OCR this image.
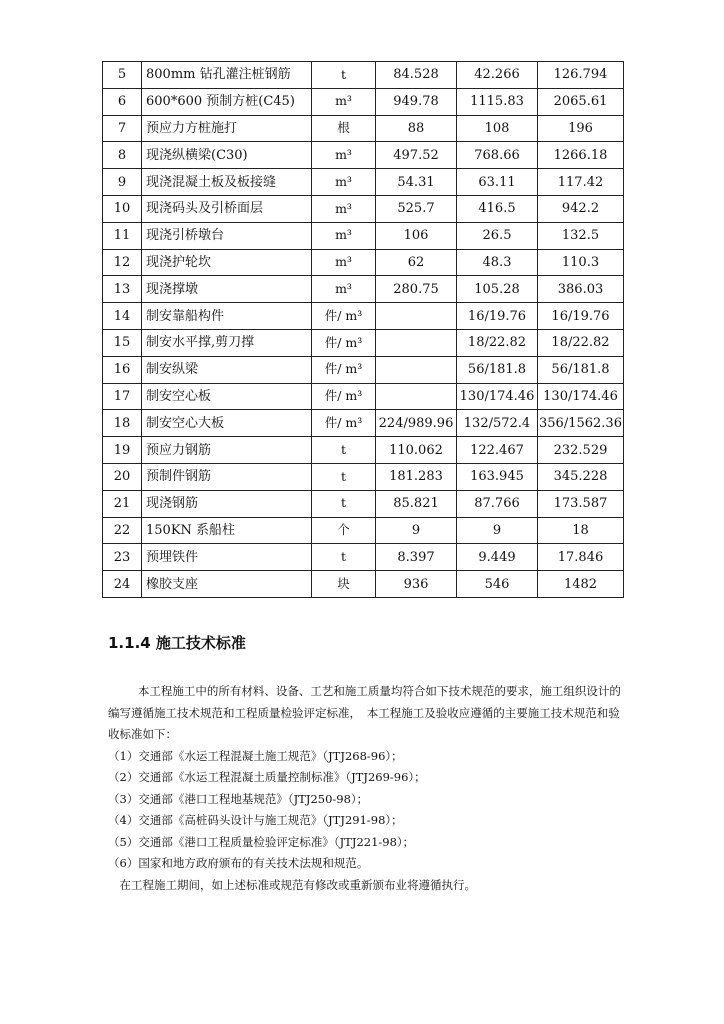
5	800mm 钻孔灌注桩钢筋	t	84.528	42.266	126.794
6	600*600 预制方桩(C45)	m³	949.78	1115.83	2065.61
7	预应力方桩施打	根	88	108	196
8	现浇纵横梁(C30)	m³	497.52	768.66	1266.18
9	现浇混凝土板及板接缝	m³	54.31	63.11	117.42
10	现浇码头及引桥面层	m³	525.7	416.5	942.2
11	现浇引桥墩台	m³	106	26.5	132.5
12	现浇护轮坎	m³	62	48.3	110.3
13	现浇撑墩	m³	280.75	105.28	386.03
14	制安靠船构件	件/ m³		16/19.76	16/19.76
15	制安水平撑,剪刀撑	件/ m³		18/22.82	18/22.82
16	制安纵梁	件/ m³		56/181.8	56/181.8
17	制安空心板	件/ m³		130/174.46	130/174.46
18	制安空心大板	件/ m³	224/989.96	132/572.4	356/1562.36
19	预应力钢筋	t	110.062	122.467	232.529
20	预制件钢筋	t	181.283	163.945	345.228
21	现浇钢筋	t	85.821	87.766	173.587
22	150KN 系船柱	个	9	9	18
23	预埋铁件	t	8.397	9.449	17.846
24	橡胶支座	块	936	546	1482
1.1.4 施工技术标准

本工程施工中的所有材料、设备、工艺和施工质量均符合如下技术规范的要求，施工组织设计的编写遵循施工技术规范和工程质量检验评定标准，　本工程施工及验收应遵循的主要施工技术规范和验收标准如下：

（1）交通部《水运工程混凝土施工规范》（JTJ268-96）；

（2）交通部《水运工程混凝土质量控制标准》（JTJ269-96）；

（3）交通部《港口工程地基规范》（JTJ250-98）；

（4）交通部《高桩码头设计与施工规范》（JTJ291-98）；

（5）交通部《港口工程质量检验评定标准》（JTJ221-98）；

（6）国家和地方政府颁布的有关技术法规和规范。

在工程施工期间，如上述标准或规范有修改或重新颁布业将遵循执行。
